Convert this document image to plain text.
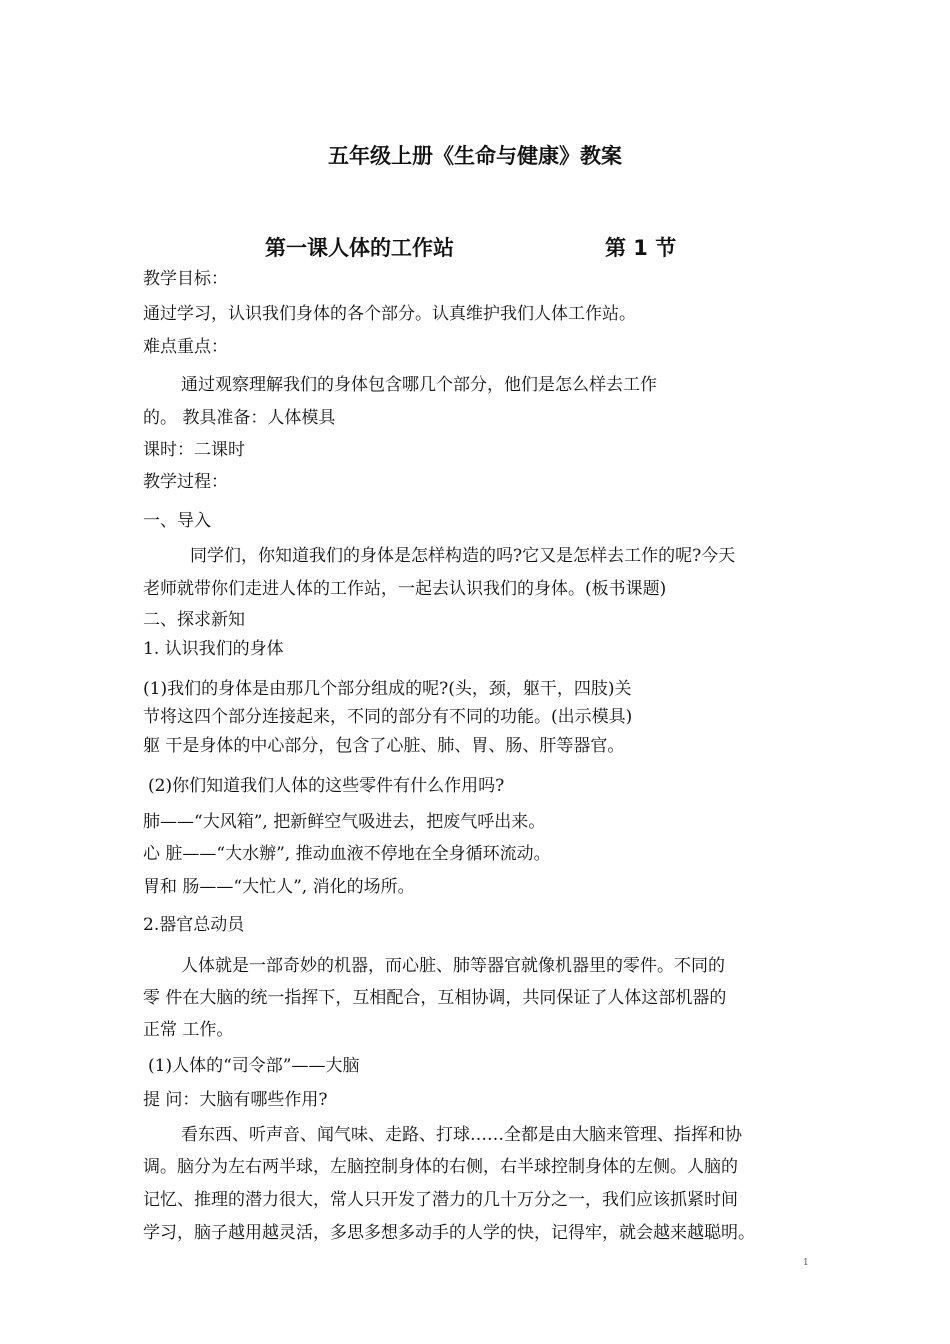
五年级上册《生命与健康》教案
第一课人体的工作站	第 1 节
教学目标：
通过学习，认识我们身体的各个部分。认真维护我们人体工作站。
难点重点：
通过观察理解我们的身体包含哪几个部分，他们是怎么样去工作
的。 教具准备：人体模具
课时：二课时
教学过程：
一、导入
同学们，你知道我们的身体是怎样构造的吗?它又是怎样去工作的呢?今天
老师就带你们走进人体的工作站，一起去认识我们的身体。(板书课题)
二、探求新知
1. 认识我们的身体
(1)我们的身体是由那几个部分组成的呢?(头，颈，躯干，四肢)关
节将这四个部分连接起来，不同的部分有不同的功能。(出示模具)
躯 干是身体的中心部分，包含了心脏、肺、胃、肠、肝等器官。
(2)你们知道我们人体的这些零件有什么作用吗?
肺——“大风箱”, 把新鲜空气吸进去，把废气呼出来。
心 脏——“大水辦”, 推动血液不停地在全身循环流动。
胃和 肠——“大忙人”, 消化的场所。
2.器官总动员
人体就是一部奇妙的机器，而心脏、肺等器官就像机器里的零件。不同的
零 件在大脑的统一指挥下，互相配合，互相协调，共同保证了人体这部机器的
正常 工作。
(1)人体的“司令部”——大脑
提 问：大脑有哪些作用?
看东西、听声音、闻气味、走路、打球……全都是由大脑来管理、指挥和协
调。脑分为左右两半球，左脑控制身体的右侧，右半球控制身体的左侧。人脑的
记忆、推理的潜力很大，常人只开发了潜力的几十万分之一，我们应该抓紧时间
学习，脑子越用越灵活，多思多想多动手的人学的快，记得牢，就会越来越聪明。
1
